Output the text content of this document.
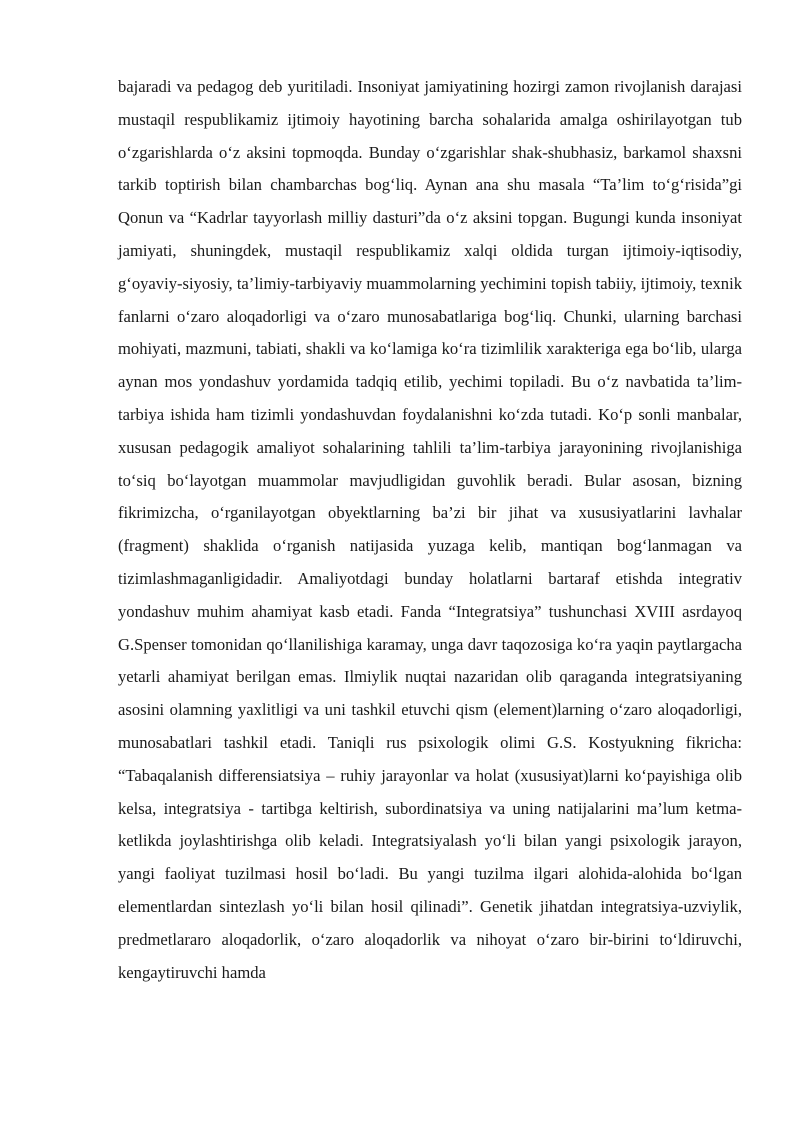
bajaradi va pedagog deb yuritiladi. Insoniyat jamiyatining hozirgi zamon rivojlanish darajasi mustaqil respublikamiz ijtimoiy hayotining barcha sohalarida amalga oshirilayotgan tub o‘zgarishlarda o‘z aksini topmoqda. Bunday o‘zgarishlar shak-shubhasiz, barkamol shaxsni tarkib toptirish bilan chambarchas bog‘liq. Aynan ana shu masala “Ta’lim to‘g‘risida”gi Qonun va “Kadrlar tayyorlash milliy dasturi”da o‘z aksini topgan. Bugungi kunda insoniyat jamiyati, shuningdek, mustaqil respublikamiz xalqi oldida turgan ijtimoiy-iqtisodiy, g‘oyaviy-siyosiy, ta’limiy-tarbiyaviy muammolarning yechimini topish tabiiy, ijtimoiy, texnik fanlarni o‘zaro aloqadorligi va o‘zaro munosabatlariga bog‘liq. Chunki, ularning barchasi mohiyati, mazmuni, tabiati, shakli va ko‘lamiga ko‘ra tizimlilik xarakteriga ega bo‘lib, ularga aynan mos yondashuv yordamida tadqiq etilib, yechimi topiladi. Bu o‘z navbatida ta’lim-tarbiya ishida ham tizimli yondashuvdan foydalanishni ko‘zda tutadi. Ko‘p sonli manbalar, xususan pedagogik amaliyot sohalarining tahlili ta’lim-tarbiya jarayonining rivojlanishiga to‘siq bo‘layotgan muammolar mavjudligidan guvohlik beradi. Bular asosan, bizning fikrimizcha, o‘rganilayotgan obyektlarning ba’zi bir jihat va xususiyatlarini lavhalar (fragment) shaklida o‘rganish natijasida yuzaga kelib, mantiqan bog‘lanmagan va tizimlashmaganligidadir. Amaliyotdagi bunday holatlarni bartaraf etishda integrativ yondashuv muhim ahamiyat kasb etadi. Fanda “Integratsiya” tushunchasi XVIII asrdayoq G.Spenser tomonidan qo‘llanilishiga karamay, unga davr taqozosiga ko‘ra yaqin paytlargacha yetarli ahamiyat berilgan emas. Ilmiylik nuqtai nazaridan olib qaraganda integratsiyaning asosini olamning yaxlitligi va uni tashkil etuvchi qism (element)larning o‘zaro aloqadorligi, munosabatlari tashkil etadi. Taniqli rus psixologik olimi G.S. Kostyukning fikricha: “Tabaqalanish differensiatsiya – ruhiy jarayonlar va holat (xususiyat)larni ko‘payishiga olib kelsa, integratsiya - tartibga keltirish, subordinatsiya va uning natijalarini ma’lum ketma-ketlikda joylashtirishga olib keladi. Integratsiyalash yo‘li bilan yangi psixologik jarayon, yangi faoliyat tuzilmasi hosil bo‘ladi. Bu yangi tuzilma ilgari alohida-alohida bo‘lgan elementlardan sintezlash yo‘li bilan hosil qilinadi”. Genetik jihatdan integratsiya-uzviylik, predmetlararo aloqadorlik, o‘zaro aloqadorlik va nihoyat o‘zaro bir-birini to‘ldiruvchi, kengaytiruvchi hamda
